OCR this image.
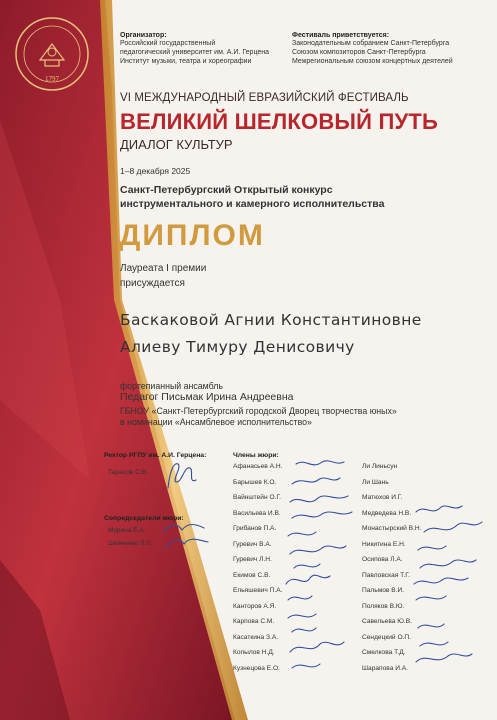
1797
Организатор:
Российский государственный
педагогический университет им. А.И. Герцена
Институт музыки, театра и хореографии
Фестиваль приветствуется:
Законодательным собранием Санкт-Петербурга
Союзом композиторов Санкт-Петербурга
Межрегиональным союзом концертных деятелей
VI МЕЖДУНАРОДНЫЙ ЕВРАЗИЙСКИЙ ФЕСТИВАЛЬ
ВЕЛИКИЙ ШЕЛКОВЫЙ ПУТЬ
ДИАЛОГ КУЛЬТУР
1–8 декабря 2025
Санкт-Петербургский Открытый конкурс
инструментального и камерного исполнительства
ДИПЛОМ
Лауреата I премии
присуждается
Баскаковой Агнии Константиновне
Алиеву Тимуру Денисовичу
фортепианный ансамбль
Педагог Письмак Ирина Андреевна
ГБНОУ «Санкт-Петербургский городской Дворец творчества юных»
в номинации «Ансамблевое исполнительство»
Ректор РГПУ им. А.И. Герцена:
Тарасов С.В.
Сопредседатели жюри:
Мурина Е.А.
Шевченко Л.Л.
Члены жюри:
Афанасьев А.Н.
Барышев К.О.
Вайнштейн О.Г.
Васильева И.В.
Грибанов П.А.
Гуревич В.А.
Гуревич Л.Н.
Екимов С.В.
Ельяшевич П.А.
Канторов А.Я.
Карпова С.М.
Касаткина З.А.
Копылов Н.Д.
Кузнецова Е.О.
Ли Линьсун
Ли Шань
Матюхов И.Г.
Медведева Н.В.
Монастырский В.Н.
Никитина Е.Н.
Осипова Л.А.
Павловская Т.Г.
Пальмов В.И.
Поляков В.Ю.
Савельева Ю.В.
Сендецкий О.П.
Смелкова Т.Д.
Шарапова И.А.
